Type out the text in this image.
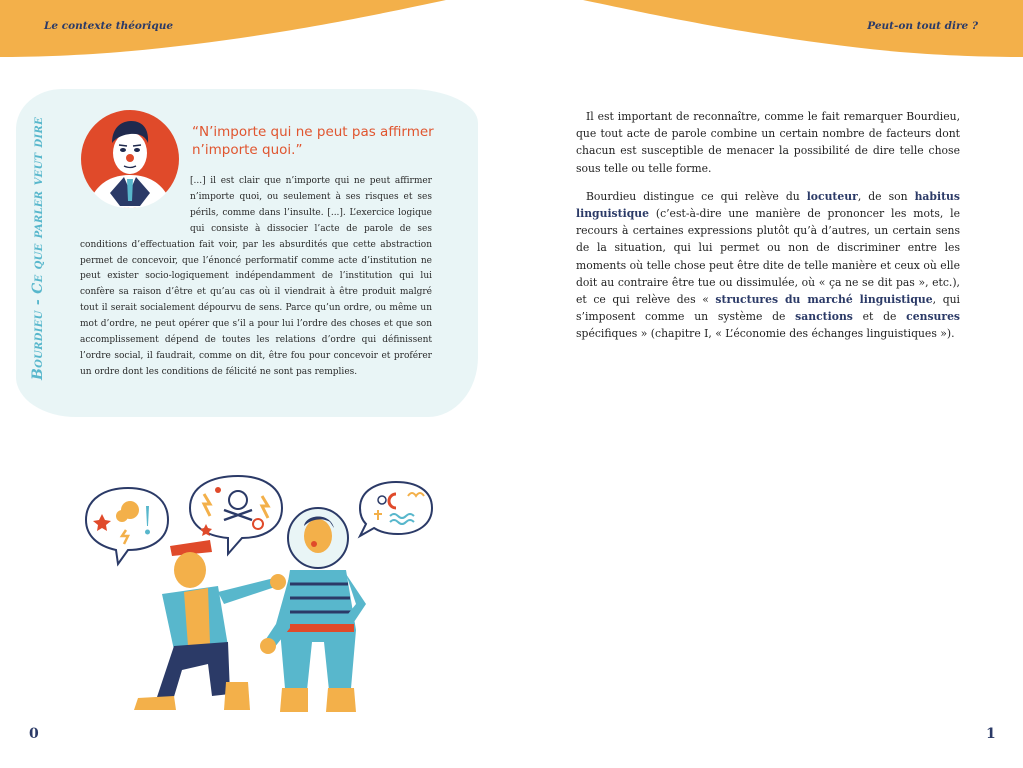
Le contexte théorique	Peut-on tout dire ?
Bourdieu - Ce que parler veut dire	“N’importe qui ne peut pas affirmer n’importe quoi.”
[...] il est clair que n’importe qui ne peut affirmer n’importe quoi, ou seulement à ses risques et ses périls, comme dans l’insulte. [...]. L’exercice logique qui consiste à dissocier l’acte de parole de ses conditions d’effectuation fait voir, par les absurdités que cette abstraction permet de concevoir, que l’énoncé performatif comme acte d’institution ne peut exister socio-logiquement indépendamment de l’institution qui lui confère sa raison d’être et qu’au cas où il viendrait à être produit malgré tout il serait socialement dépourvu de sens. Parce qu’un ordre, ou même un mot d’ordre, ne peut opérer que s’il a pour lui l’ordre des choses et que son accomplissement dépend de toutes les relations d’ordre qui définissent l’ordre social, il faudrait, comme on dit, être fou pour concevoir et proférer un ordre dont les conditions de félicité ne sont pas remplies.

Il est important de reconnaître, comme le fait remarquer Bourdieu, que tout acte de parole combine un certain nombre de facteurs dont chacun est susceptible de menacer la possibilité de dire telle chose sous telle ou telle forme.

Bourdieu distingue ce qui relève du locuteur, de son habitus linguistique (c’est-à-dire une manière de prononcer les mots, le recours à certaines expressions plutôt qu’à d’autres, un certain sens de la situation, qui lui permet ou non de discriminer entre les moments où telle chose peut être dite de telle manière et ceux où elle doit au contraire être tue ou dissimulée, où « ça ne se dit pas », etc.), et ce qui relève des « structures du marché linguistique, qui s’imposent comme un système de sanctions et de censures spécifiques » (chapitre I, « L’économie des échanges linguistiques »).

0	1
